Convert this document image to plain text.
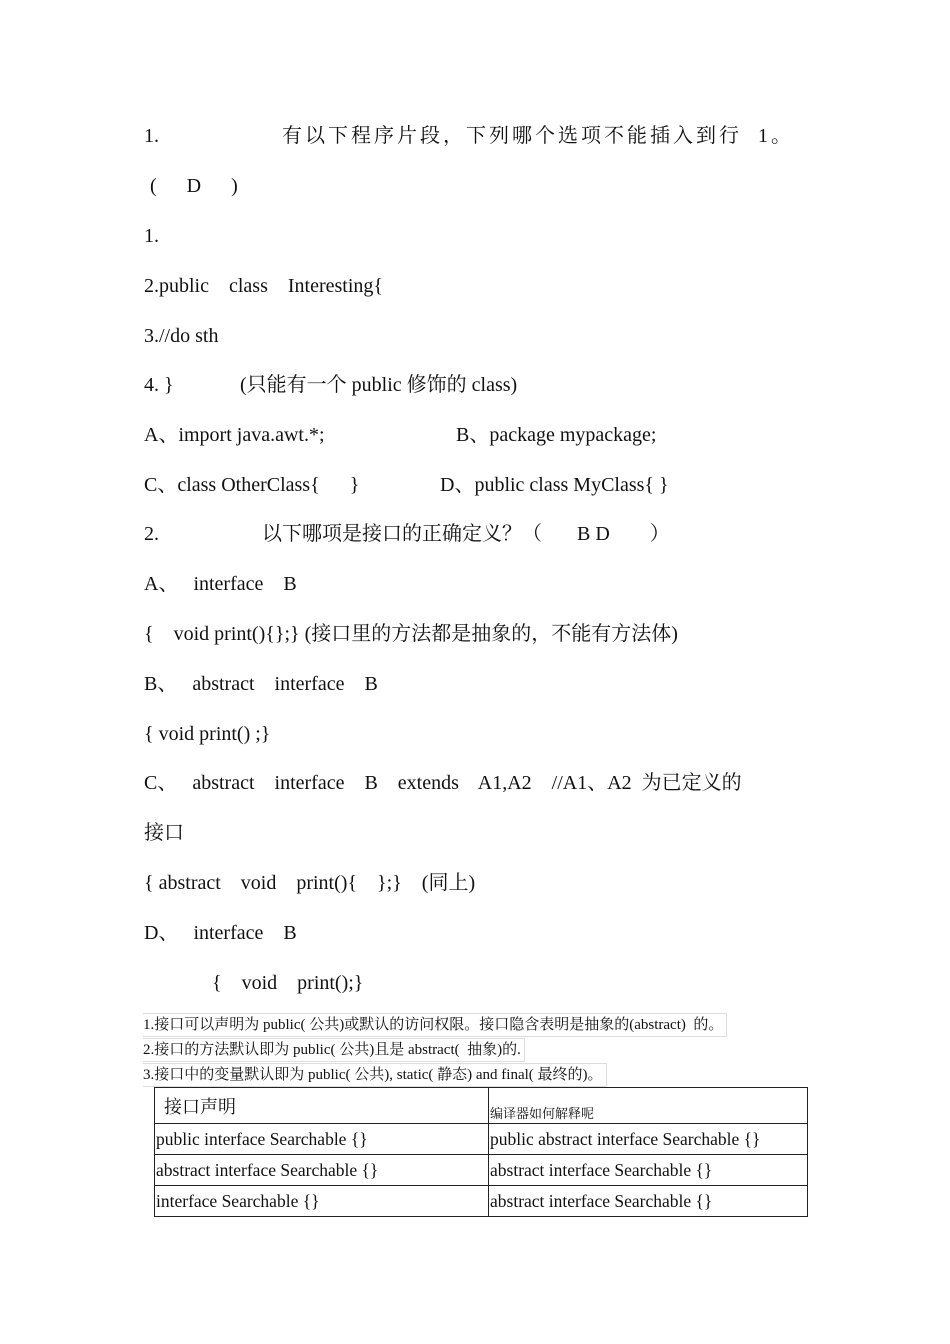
1.	有以下程序片段，下列哪个选项不能插入到行  1。
(      D      )
1.
2.public    class    Interesting{
3.//do sth
4. }	(只能有一个 public 修饰的 class)
A、import java.awt.*;	B、package mypackage;
C、class OtherClass{      }	D、public class MyClass{ }
2.	以下哪项是接口的正确定义？（       B D        ）
A、   interface    B
{    void print(){};} (接口里的方法都是抽象的，不能有方法体)
B、   abstract    interface    B
{ void print() ;}
C、   abstract    interface    B    extends    A1,A2    //A1、A2  为已定义的
接口
{ abstract    void    print(){    };}    (同上)
D、   interface    B
{    void    print();}
1.接口可以声明为 public( 公共)或默认的访问权限。接口隐含表明是抽象的(abstract)  的。
2.接口的方法默认即为 public( 公共)且是 abstract(  抽象)的.
3.接口中的变量默认即为 public( 公共), static( 静态) and final( 最终的)。
接口声明	编译器如何解释呢
public interface Searchable {}	public abstract interface Searchable {}
abstract interface Searchable {}	abstract interface Searchable {}
interface Searchable {}	abstract interface Searchable {}
